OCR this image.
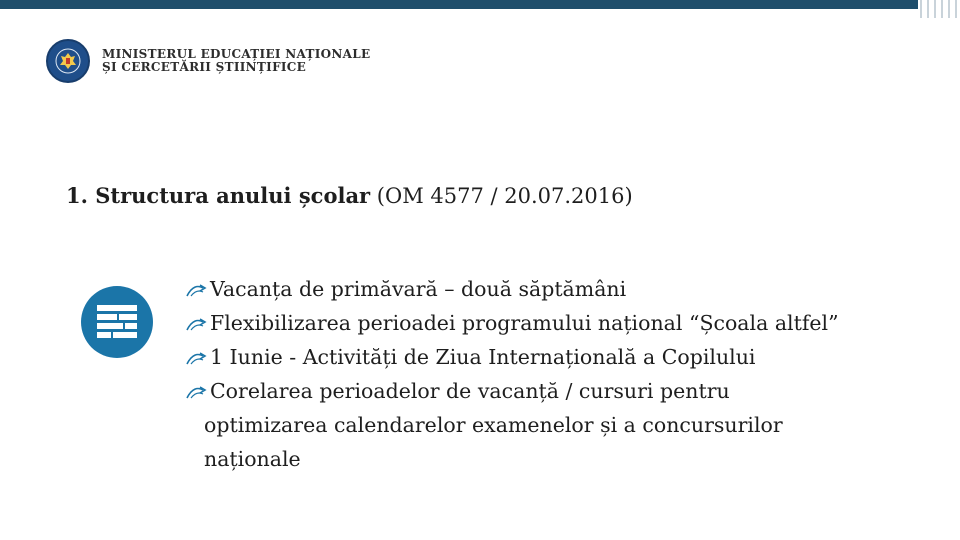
MINISTERUL EDUCAȚIEI NAȚIONALE
ȘI CERCETĂRII ȘTIINȚIFICE
1. Structura anului școlar (OM 4577 / 20.07.2016)
Vacanța de primăvară – două săptămâni
Flexibilizarea perioadei programului național “Școala altfel”
1 Iunie - Activități de Ziua Internațională a Copilului
Corelarea perioadelor de vacanță / cursuri pentru
optimizarea calendarelor examenelor și a concursurilor
naționale
